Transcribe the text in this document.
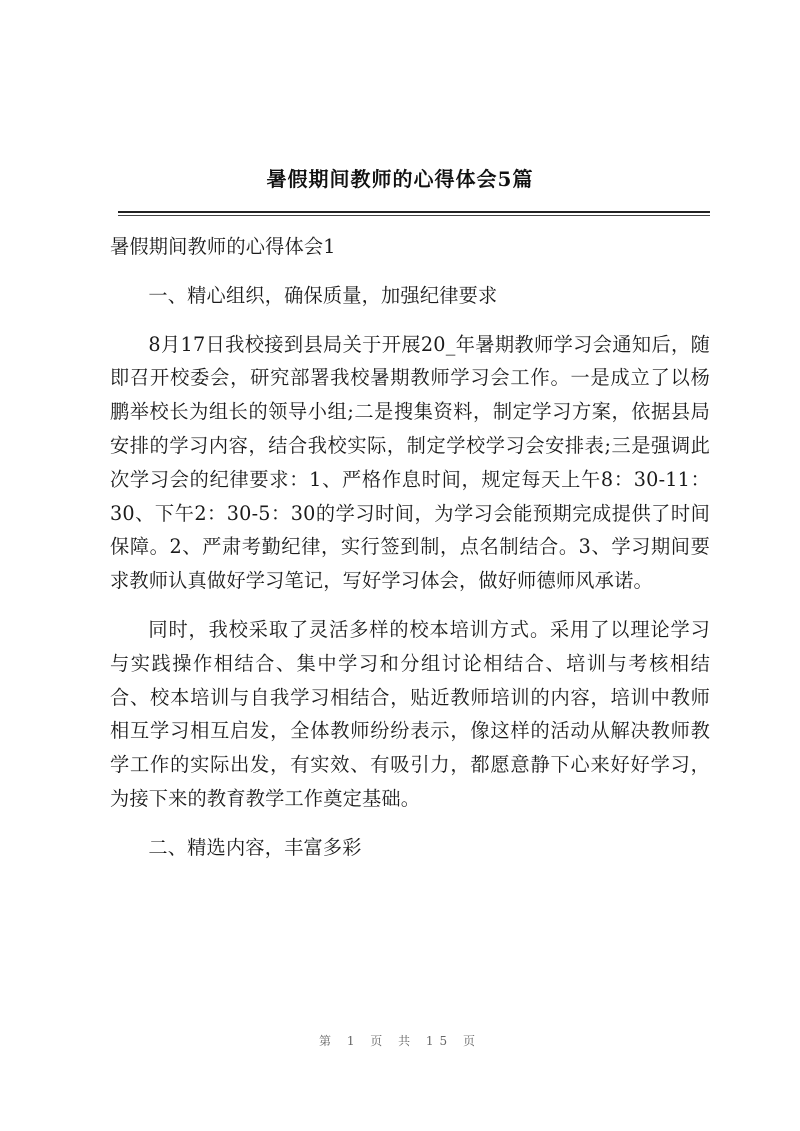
暑假期间教师的心得体会5篇

暑假期间教师的心得体会1

一、精心组织，确保质量，加强纪律要求

8月17日我校接到县局关于开展20_年暑期教师学习会通知后，随即召开校委会，研究部署我校暑期教师学习会工作。一是成立了以杨鹏举校长为组长的领导小组;二是搜集资料，制定学习方案，依据县局安排的学习内容，结合我校实际，制定学校学习会安排表;三是强调此次学习会的纪律要求：1、严格作息时间，规定每天上午8：30-11：30、下午2：30-5：30的学习时间，为学习会能预期完成提供了时间保障。2、严肃考勤纪律，实行签到制，点名制结合。3、学习期间要求教师认真做好学习笔记，写好学习体会，做好师德师风承诺。

同时，我校采取了灵活多样的校本培训方式。采用了以理论学习与实践操作相结合、集中学习和分组讨论相结合、培训与考核相结合、校本培训与自我学习相结合，贴近教师培训的内容，培训中教师相互学习相互启发，全体教师纷纷表示，像这样的活动从解决教师教学工作的实际出发，有实效、有吸引力，都愿意静下心来好好学习，为接下来的教育教学工作奠定基础。

二、精选内容，丰富多彩

第 1 页 共 15 页
